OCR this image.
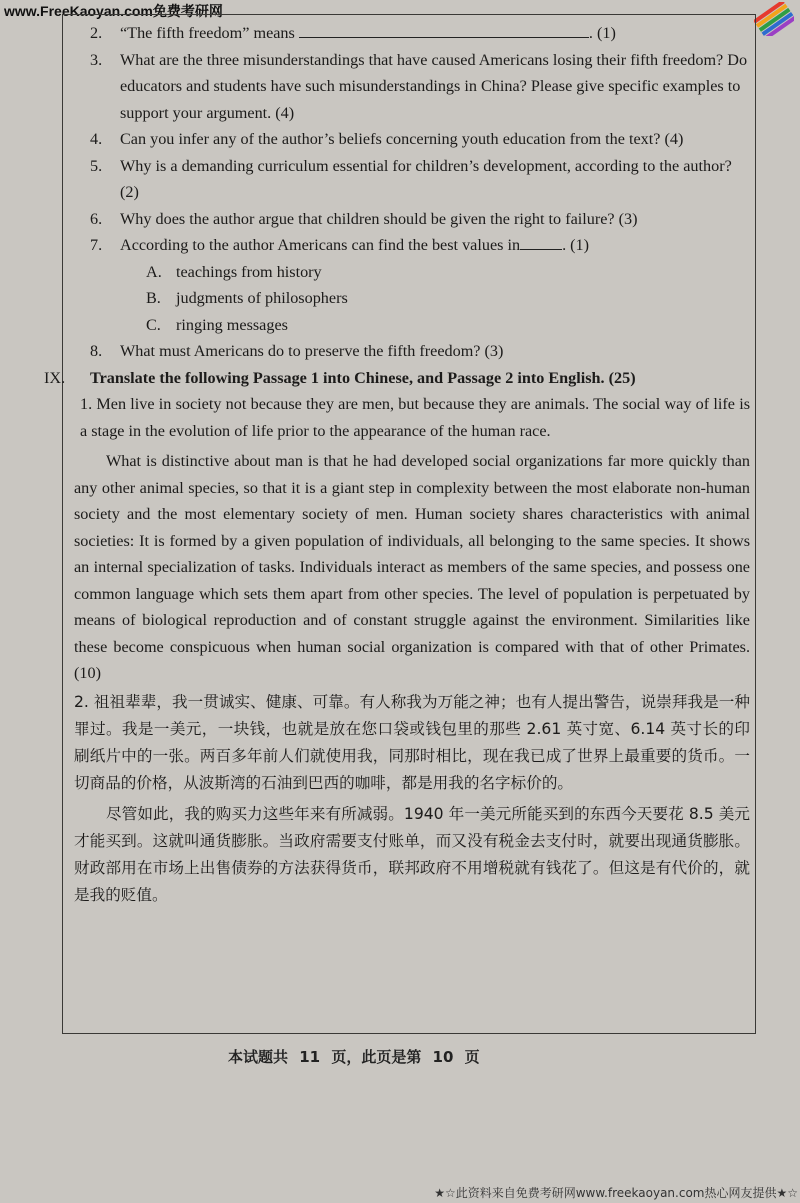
www.FreeKaoyan.com免费考研网
2.	“The fifth freedom” means	. (1)
3.	What are the three misunderstandings that have caused Americans losing their fifth freedom? Do educators and students have such misunderstandings in China? Please give specific examples to support your argument. (4)
4.	Can you infer any of the author’s beliefs concerning youth education from the text? (4)
5.	Why is a demanding curriculum essential for children’s development, according to the author? (2)
6.	Why does the author argue that children should be given the right to failure? (3)
7.	According to the author Americans can find the best values in	. (1)
A. teachings from history
B. judgments of philosophers
C. ringing messages
8.	What must Americans do to preserve the fifth freedom? (3)
IX.	Translate the following Passage 1 into Chinese, and Passage 2 into English. (25)
1. Men live in society not because they are men, but because they are animals. The social way of life is a stage in the evolution of life prior to the appearance of the human race.
What is distinctive about man is that he had developed social organizations far more quickly than any other animal species, so that it is a giant step in complexity between the most elaborate non-human society and the most elementary society of men. Human society shares characteristics with animal societies: It is formed by a given population of individuals, all belonging to the same species. It shows an internal specialization of tasks. Individuals interact as members of the same species, and possess one common language which sets them apart from other species. The level of population is perpetuated by means of biological reproduction and of constant struggle against the environment. Similarities like these become conspicuous when human social organization is compared with that of other Primates. (10)
2. 祖祖辈辈，我一贯诚实、健康、可靠。有人称我为万能之神；也有人提出警告，说崇拜我是一种罪过。我是一美元，一块钱，也就是放在您口袋或钱包里的那些 2.61 英寸宽、6.14 英寸长的印刷纸片中的一张。两百多年前人们就使用我，同那时相比，现在我已成了世界上最重要的货币。一切商品的价格，从波斯湾的石油到巴西的咖啡，都是用我的名字标价的。
尽管如此，我的购买力这些年来有所减弱。1940 年一美元所能买到的东西今天要花 8.5 美元才能买到。这就叫通货膨胀。当政府需要支付账单，而又没有税金去支付时，就要出现通货膨胀。财政部用在市场上出售债券的方法获得货币，联邦政府不用增税就有钱花了。但这是有代价的，就是我的贬值。
本试题共 11 页，此页是第 10 页
★☆此资料来自免费考研网www.freekaoyan.com热心网友提供★☆
